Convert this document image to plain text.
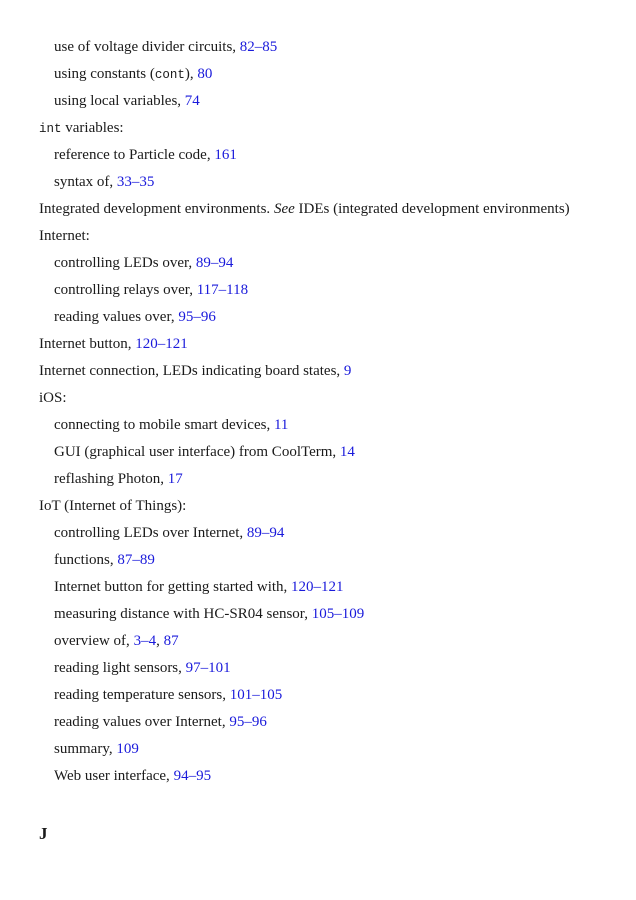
use of voltage divider circuits, 82–85
using constants (cont), 80
using local variables, 74
int variables:
reference to Particle code, 161
syntax of, 33–35
Integrated development environments. See IDEs (integrated development environments)
Internet:
controlling LEDs over, 89–94
controlling relays over, 117–118
reading values over, 95–96
Internet button, 120–121
Internet connection, LEDs indicating board states, 9
iOS:
connecting to mobile smart devices, 11
GUI (graphical user interface) from CoolTerm, 14
reflashing Photon, 17
IoT (Internet of Things):
controlling LEDs over Internet, 89–94
functions, 87–89
Internet button for getting started with, 120–121
measuring distance with HC-SR04 sensor, 105–109
overview of, 3–4, 87
reading light sensors, 97–101
reading temperature sensors, 101–105
reading values over Internet, 95–96
summary, 109
Web user interface, 94–95
J
